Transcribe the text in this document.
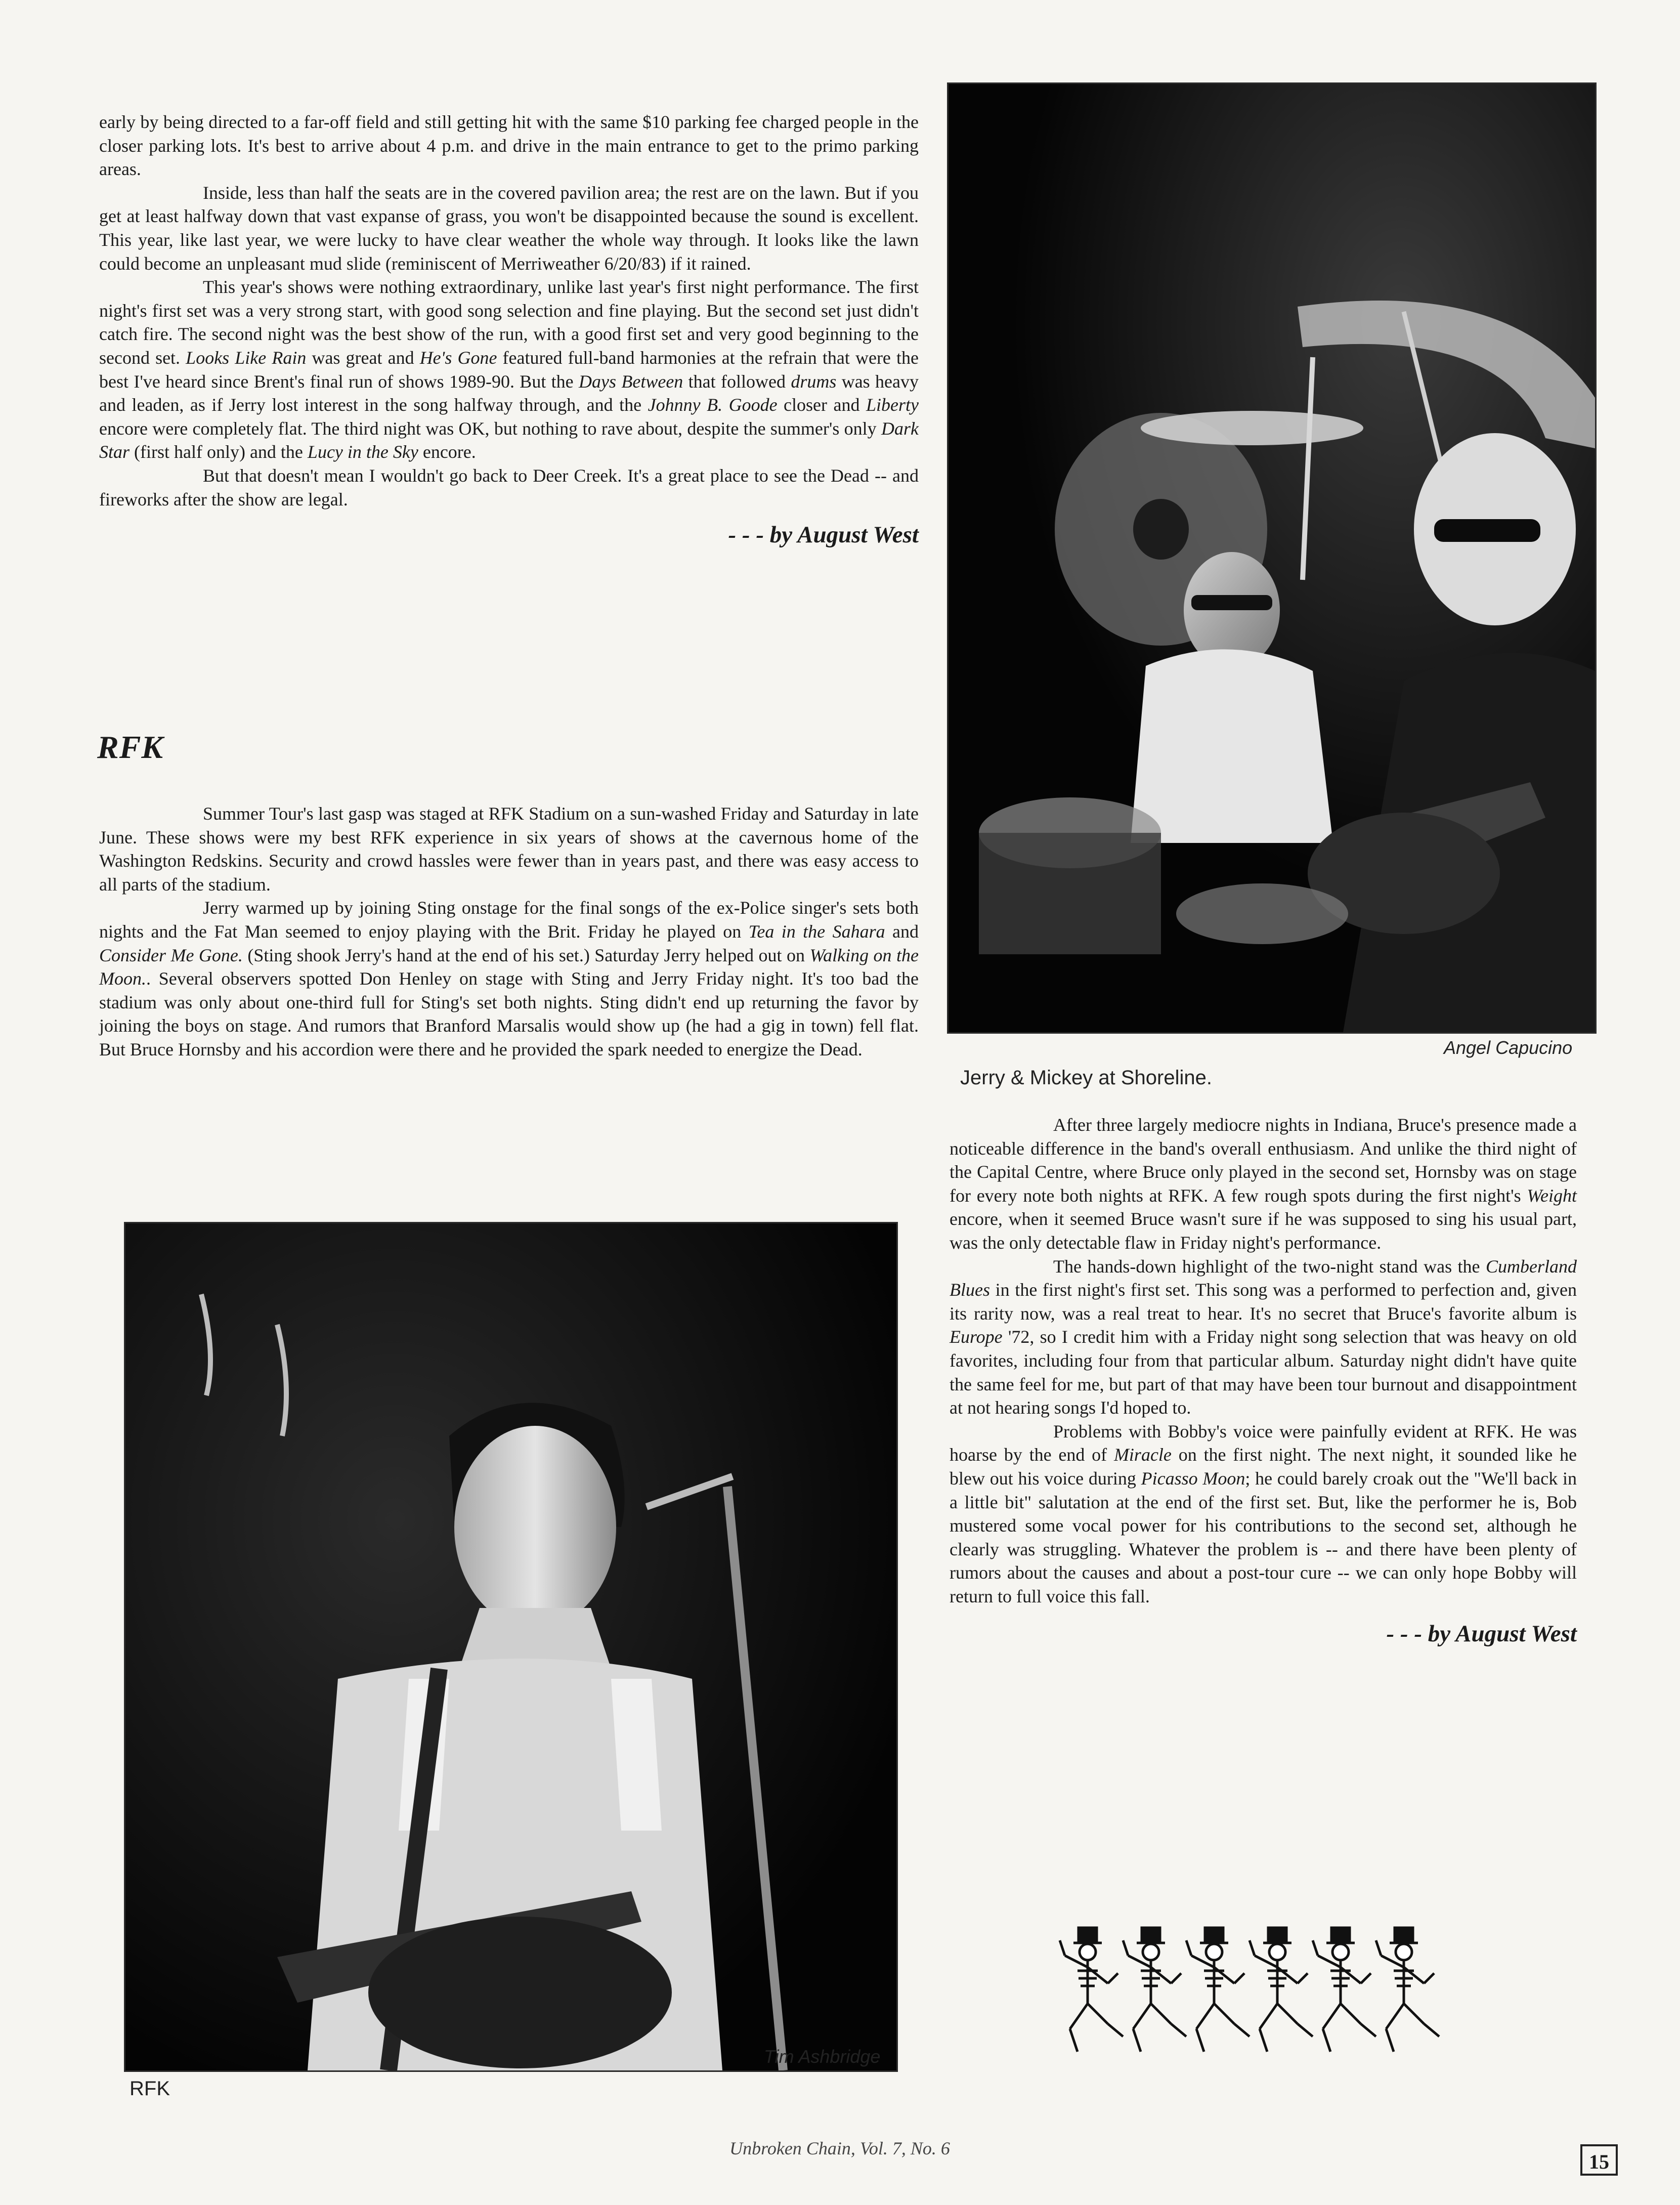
early by being directed to a far-off field and still getting hit with the same $10 parking fee charged people in the closer parking lots. It's best to arrive about 4 p.m. and drive in the main entrance to get to the primo parking areas.

Inside, less than half the seats are in the covered pavilion area; the rest are on the lawn. But if you get at least halfway down that vast expanse of grass, you won't be disappointed because the sound is excellent. This year, like last year, we were lucky to have clear weather the whole way through. It looks like the lawn could become an unpleasant mud slide (reminiscent of Merriweather 6/20/83) if it rained.

This year's shows were nothing extraordinary, unlike last year's first night performance. The first night's first set was a very strong start, with good song selection and fine playing. But the second set just didn't catch fire. The second night was the best show of the run, with a good first set and very good beginning to the second set. Looks Like Rain was great and He's Gone featured full-band harmonies at the refrain that were the best I've heard since Brent's final run of shows 1989-90. But the Days Between that followed drums was heavy and leaden, as if Jerry lost interest in the song halfway through, and the Johnny B. Goode closer and Liberty encore were completely flat. The third night was OK, but nothing to rave about, despite the summer's only Dark Star (first half only) and the Lucy in the Sky encore.

But that doesn't mean I wouldn't go back to Deer Creek. It's a great place to see the Dead -- and fireworks after the show are legal.

- - - by August West
RFK

Summer Tour's last gasp was staged at RFK Stadium on a sun-washed Friday and Saturday in late June. These shows were my best RFK experience in six years of shows at the cavernous home of the Washington Redskins. Security and crowd hassles were fewer than in years past, and there was easy access to all parts of the stadium.

Jerry warmed up by joining Sting onstage for the final songs of the ex-Police singer's sets both nights and the Fat Man seemed to enjoy playing with the Brit. Friday he played on Tea in the Sahara and Consider Me Gone. (Sting shook Jerry's hand at the end of his set.) Saturday Jerry helped out on Walking on the Moon.. Several observers spotted Don Henley on stage with Sting and Jerry Friday night. It's too bad the stadium was only about one-third full for Sting's set both nights. Sting didn't end up returning the favor by joining the boys on stage. And rumors that Branford Marsalis would show up (he had a gig in town) fell flat. But Bruce Hornsby and his accordion were there and he provided the spark needed to energize the Dead.	Angel Capucino
Jerry & Mickey at Shoreline.

After three largely mediocre nights in Indiana, Bruce's presence made a noticeable difference in the band's overall enthusiasm. And unlike the third night of the Capital Centre, where Bruce only played in the second set, Hornsby was on stage for every note both nights at RFK. A few rough spots during the first night's Weight encore, when it seemed Bruce wasn't sure if he was supposed to sing his usual part, was the only detectable flaw in Friday night's performance.

The hands-down highlight of the two-night stand was the Cumberland Blues in the first night's first set. This song was a performed to perfection and, given its rarity now, was a real treat to hear. It's no secret that Bruce's favorite album is Europe '72, so I credit him with a Friday night song selection that was heavy on old favorites, including four from that particular album. Saturday night didn't have quite the same feel for me, but part of that may have been tour burnout and disappointment at not hearing songs I'd hoped to.

Problems with Bobby's voice were painfully evident at RFK. He was hoarse by the end of Miracle on the first night. The next night, it sounded like he blew out his voice during Picasso Moon; he could barely croak out the "We'll back in a little bit" salutation at the end of the first set. But, like the performer he is, Bob mustered some vocal power for his contributions to the second set, although he clearly was struggling. Whatever the problem is -- and there have been plenty of rumors about the causes and about a post-tour cure -- we can only hope Bobby will return to full voice this fall.

- - - by August West
Tim Ashbridge
RFK
Unbroken Chain, Vol. 7, No. 6
15
